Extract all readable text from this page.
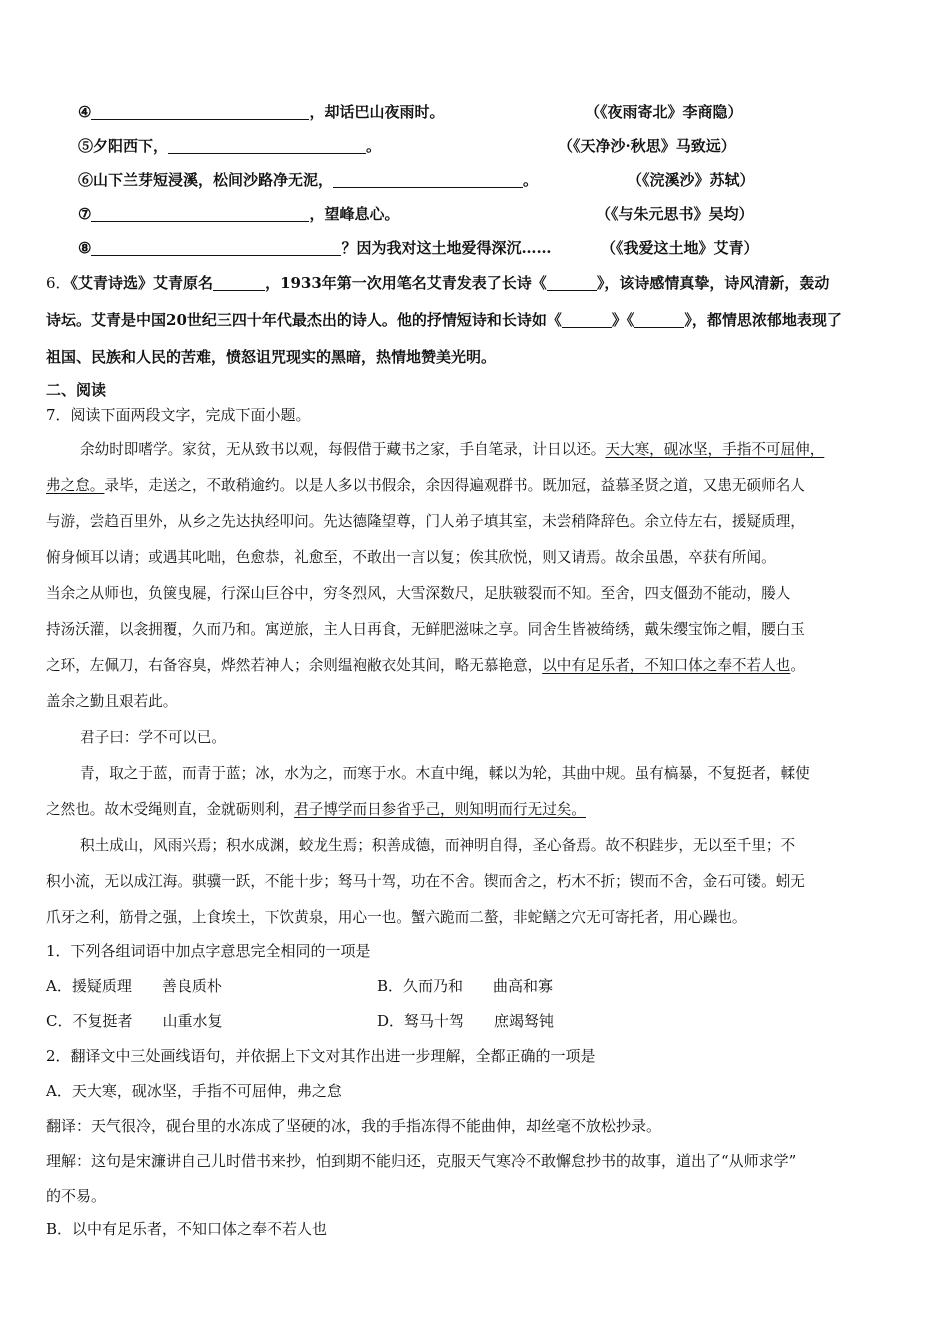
④	，却话巴山夜雨时。	（《夜雨寄北》李商隐）
⑤夕阳西下，	。	（《天净沙·秋思》马致远）
⑥山下兰芽短浸溪，松间沙路净无泥，	。	（《浣溪沙》苏轼）
⑦	，望峰息心。	（《与朱元思书》吴均）
⑧	？因为我对这土地爱得深沉……	（《我爱这土地》艾青）
6．《艾青诗选》艾青原名	，1933年第一次用笔名艾青发表了长诗《	》，该诗感情真挚，诗风清新，轰动
诗坛。艾青是中国20世纪三四十年代最杰出的诗人。他的抒情短诗和长诗如《	》《	》，都情思浓郁地表现了
祖国、民族和人民的苦难，愤怒诅咒现实的黑暗，热情地赞美光明。
二、阅读
7．阅读下面两段文字，完成下面小题。
余幼时即嗜学。家贫，无从致书以观，每假借于藏书之家，手自笔录，计日以还。天大寒，砚冰坚，手指不可屈伸，
弗之怠。录毕，走送之，不敢稍逾约。以是人多以书假余，余因得遍观群书。既加冠，益慕圣贤之道，又患无硕师名人
与游，尝趋百里外，从乡之先达执经叩问。先达德隆望尊，门人弟子填其室，未尝稍降辞色。余立侍左右，援疑质理，
俯身倾耳以请；或遇其叱咄，色愈恭，礼愈至，不敢出一言以复；俟其欣悦，则又请焉。故余虽愚，卒获有所闻。
当余之从师也，负箧曳屣，行深山巨谷中，穷冬烈风，大雪深数尺，足肤皲裂而不知。至舍，四支僵劲不能动，媵人
持汤沃灌，以衾拥覆，久而乃和。寓逆旅，主人日再食，无鲜肥滋味之享。同舍生皆被绮绣，戴朱缨宝饰之帽，腰白玉
之环，左佩刀，右备容臭，烨然若神人；余则缊袍敝衣处其间，略无慕艳意，以中有足乐者，不知口体之奉不若人也。
盖余之勤且艰若此。
君子曰：学不可以已。
青，取之于蓝，而青于蓝；冰，水为之，而寒于水。木直中绳，輮以为轮，其曲中规。虽有槁暴，不复挺者，輮使
之然也。故木受绳则直，金就砺则利，君子博学而日参省乎己，则知明而行无过矣。
积土成山，风雨兴焉；积水成渊，蛟龙生焉；积善成德，而神明自得，圣心备焉。故不积跬步，无以至千里；不
积小流，无以成江海。骐骥一跃，不能十步；驽马十驾，功在不舍。锲而舍之，朽木不折；锲而不舍，金石可镂。蚓无
爪牙之利，筋骨之强，上食埃土，下饮黄泉，用心一也。蟹六跪而二螯，非蛇鳝之穴无可寄托者，用心躁也。
1．下列各组词语中加点字意思完全相同的一项是
A．援疑质理　　善良质朴	B．久而乃和　　曲高和寡
C．不复挺者　　山重水复	D．驽马十驾　　庶竭驽钝
2．翻译文中三处画线语句，并依据上下文对其作出进一步理解，全都正确的一项是
A．天大寒，砚冰坚，手指不可屈伸，弗之怠
翻译：天气很冷，砚台里的水冻成了坚硬的冰，我的手指冻得不能曲伸，却丝毫不放松抄录。
理解：这句是宋濂讲自己儿时借书来抄，怕到期不能归还，克服天气寒冷不敢懈怠抄书的故事，道出了“从师求学”
的不易。
B．以中有足乐者，不知口体之奉不若人也
